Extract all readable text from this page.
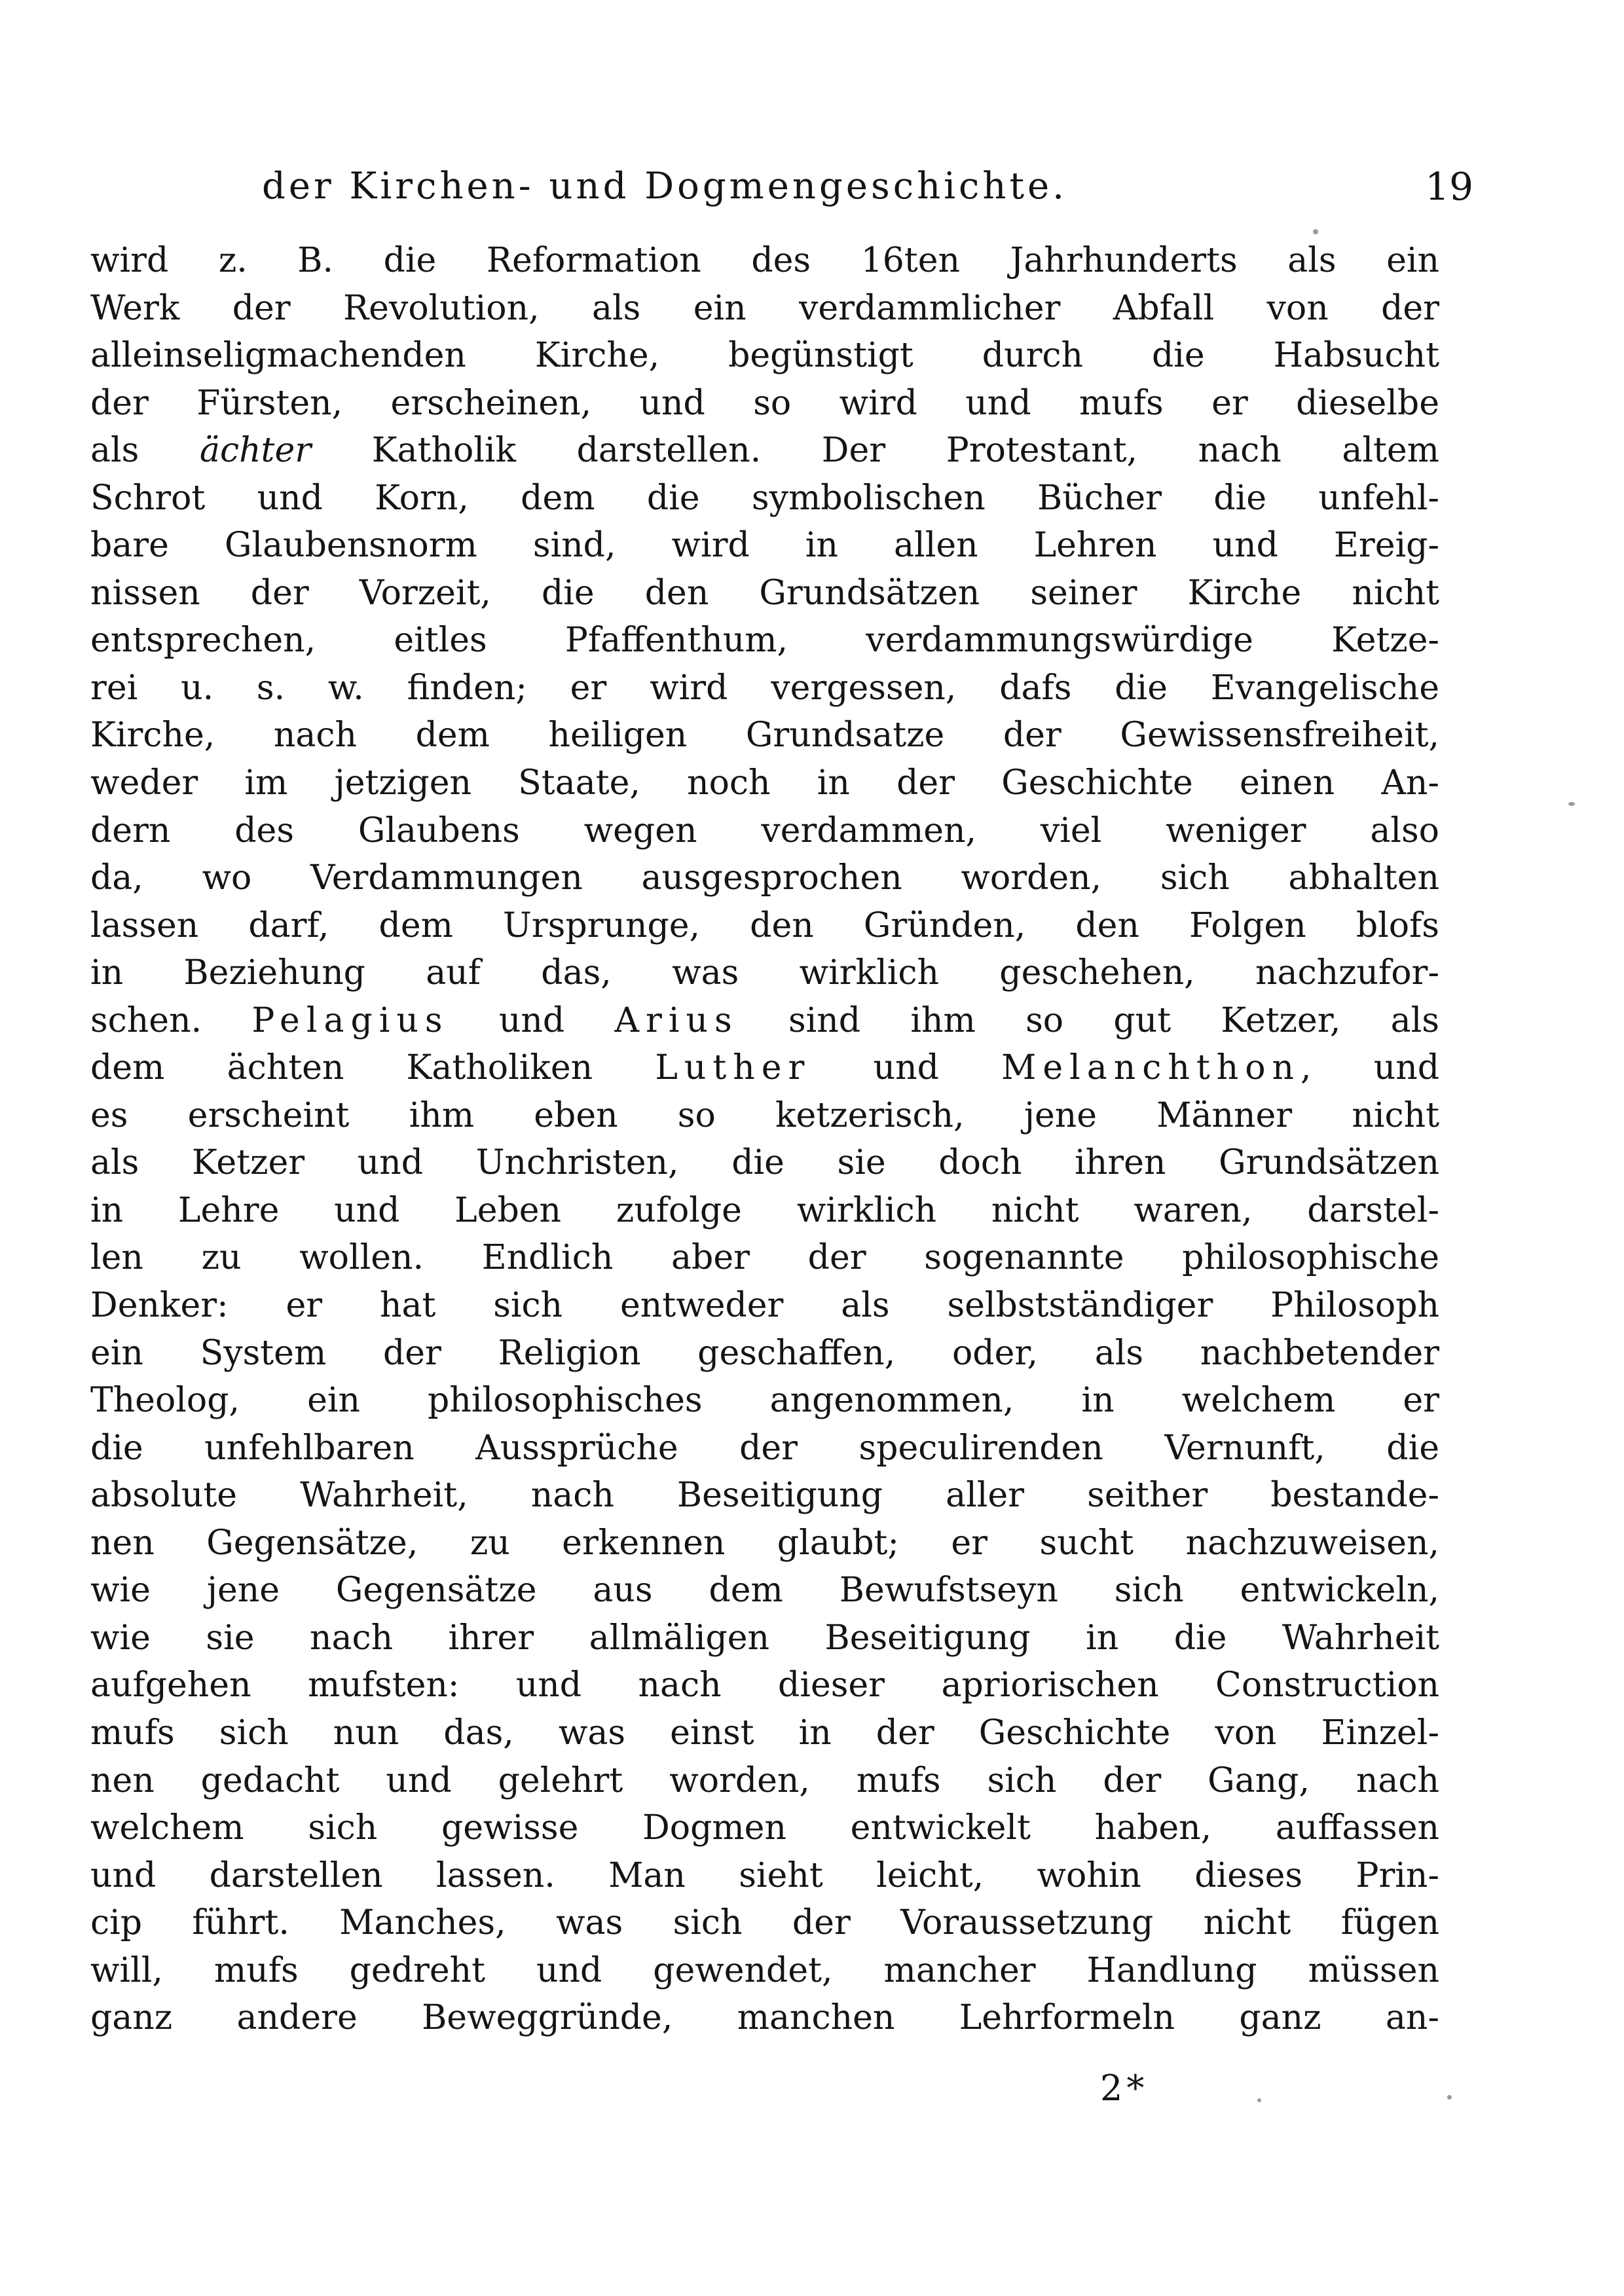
der Kirchen- und Dogmengeschichte.	19
wird z. B. die Reformation des 16ten Jahrhunderts als ein
Werk der Revolution, als ein verdammlicher Abfall von der
alleinseligmachenden Kirche, begünstigt durch die Habsucht
der Fürsten, erscheinen, und so wird und mufs er dieselbe
als ächter Katholik darstellen. Der Protestant, nach altem
Schrot und Korn, dem die symbolischen Bücher die unfehl-
bare Glaubensnorm sind, wird in allen Lehren und Ereig-
nissen der Vorzeit, die den Grundsätzen seiner Kirche nicht
entsprechen, eitles Pfaffenthum, verdammungswürdige Ketze-
rei u. s. w. finden; er wird vergessen, dafs die Evangelische
Kirche, nach dem heiligen Grundsatze der Gewissensfreiheit,
weder im jetzigen Staate, noch in der Geschichte einen An-
dern des Glaubens wegen verdammen, viel weniger also
da, wo Verdammungen ausgesprochen worden, sich abhalten
lassen darf, dem Ursprunge, den Gründen, den Folgen blofs
in Beziehung auf das, was wirklich geschehen, nachzufor-
schen. Pelagius und Arius sind ihm so gut Ketzer, als
dem ächten Katholiken Luther und Melanchthon, und
es erscheint ihm eben so ketzerisch, jene Männer nicht
als Ketzer und Unchristen, die sie doch ihren Grundsätzen
in Lehre und Leben zufolge wirklich nicht waren, darstel-
len zu wollen. Endlich aber der sogenannte philosophische
Denker: er hat sich entweder als selbstständiger Philosoph
ein System der Religion geschaffen, oder, als nachbetender
Theolog, ein philosophisches angenommen, in welchem er
die unfehlbaren Aussprüche der speculirenden Vernunft, die
absolute Wahrheit, nach Beseitigung aller seither bestande-
nen Gegensätze, zu erkennen glaubt; er sucht nachzuweisen,
wie jene Gegensätze aus dem Bewufstseyn sich entwickeln,
wie sie nach ihrer allmäligen Beseitigung in die Wahrheit
aufgehen mufsten: und nach dieser apriorischen Construction
mufs sich nun das, was einst in der Geschichte von Einzel-
nen gedacht und gelehrt worden, mufs sich der Gang, nach
welchem sich gewisse Dogmen entwickelt haben, auffassen
und darstellen lassen. Man sieht leicht, wohin dieses Prin-
cip führt. Manches, was sich der Voraussetzung nicht fügen
will, mufs gedreht und gewendet, mancher Handlung müssen
ganz andere Beweggründe, manchen Lehrformeln ganz an-
2*
